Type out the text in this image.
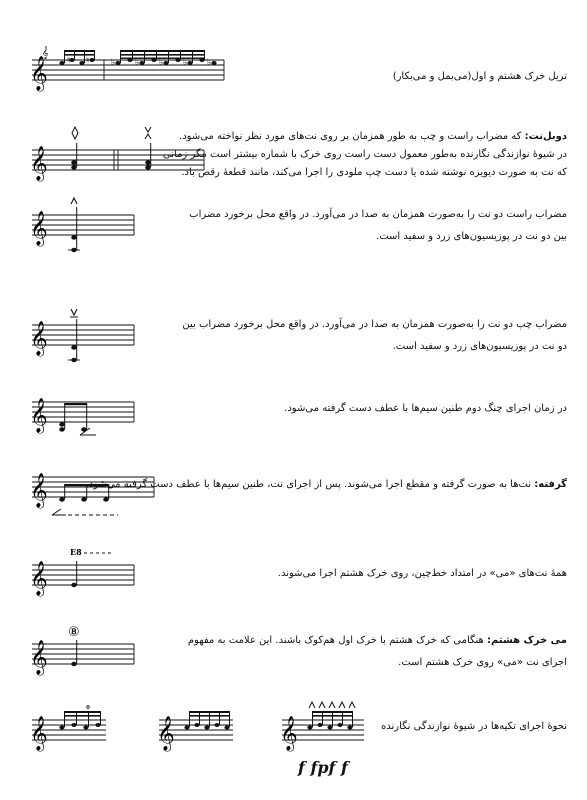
𝄞
𝄞
♮ ♮ ♭ ♭ ♭ ♭ ♭
تریل خرک هشتم و اول(می‌بمل و می‌بکار)
𝄞
دوبل‌نت: که مضراب راست و چپ به طور همزمان بر روی نت‌های مورد نظر نواخته می‌شود.
در شیوهٔ نوازندگی نگارنده به‌طور معمول دست راست روی خرک با شماره بیشتر است مگر زمانی
که نت به صورت دیویزه نوشته شده یا دست چپ ملودی را اجرا می‌کند، مانند قطعهٔ رقص باد.
𝄞	مضراب راست دو نت را به‌صورت همزمان به صدا در می‌آورد. در واقع محل برخورد مضراب
بین دو نت در پوزیسیون‌های زرد و سفید است.
𝄞	مضراب چپ دو نت را به‌صورت همزمان به صدا در می‌آورد. در واقع محل برخورد مضراب بین
دو نت در پوزیسیون‌های زرد و سفید است.
𝄞	در زمان اجرای چنگ دوم طنین سیم‌ها با عطف دست گرفته می‌شود.
𝄞	گرفته: نت‌ها به صورت گرفته و مقطع اجرا می‌شوند. پس از اجرای نت، طنین سیم‌ها با عطف دست گرفته می‌شود.
𝄞
E8
همهٔ نت‌های «می» در امتداد خط‌چین، روی خرک هشتم اجرا می‌شوند.
𝄞
⑧
می خرک هشتم: هنگامی که خرک هشتم با خرک اول هم‌کوک باشند. این علامت به مفهوم
اجرای نت «می» روی خرک هشتم است.
𝄞	𝄞	𝄞
f fpf f
نحوهٔ اجرای تکیه‌ها در شیوهٔ نوازندگی نگارنده
